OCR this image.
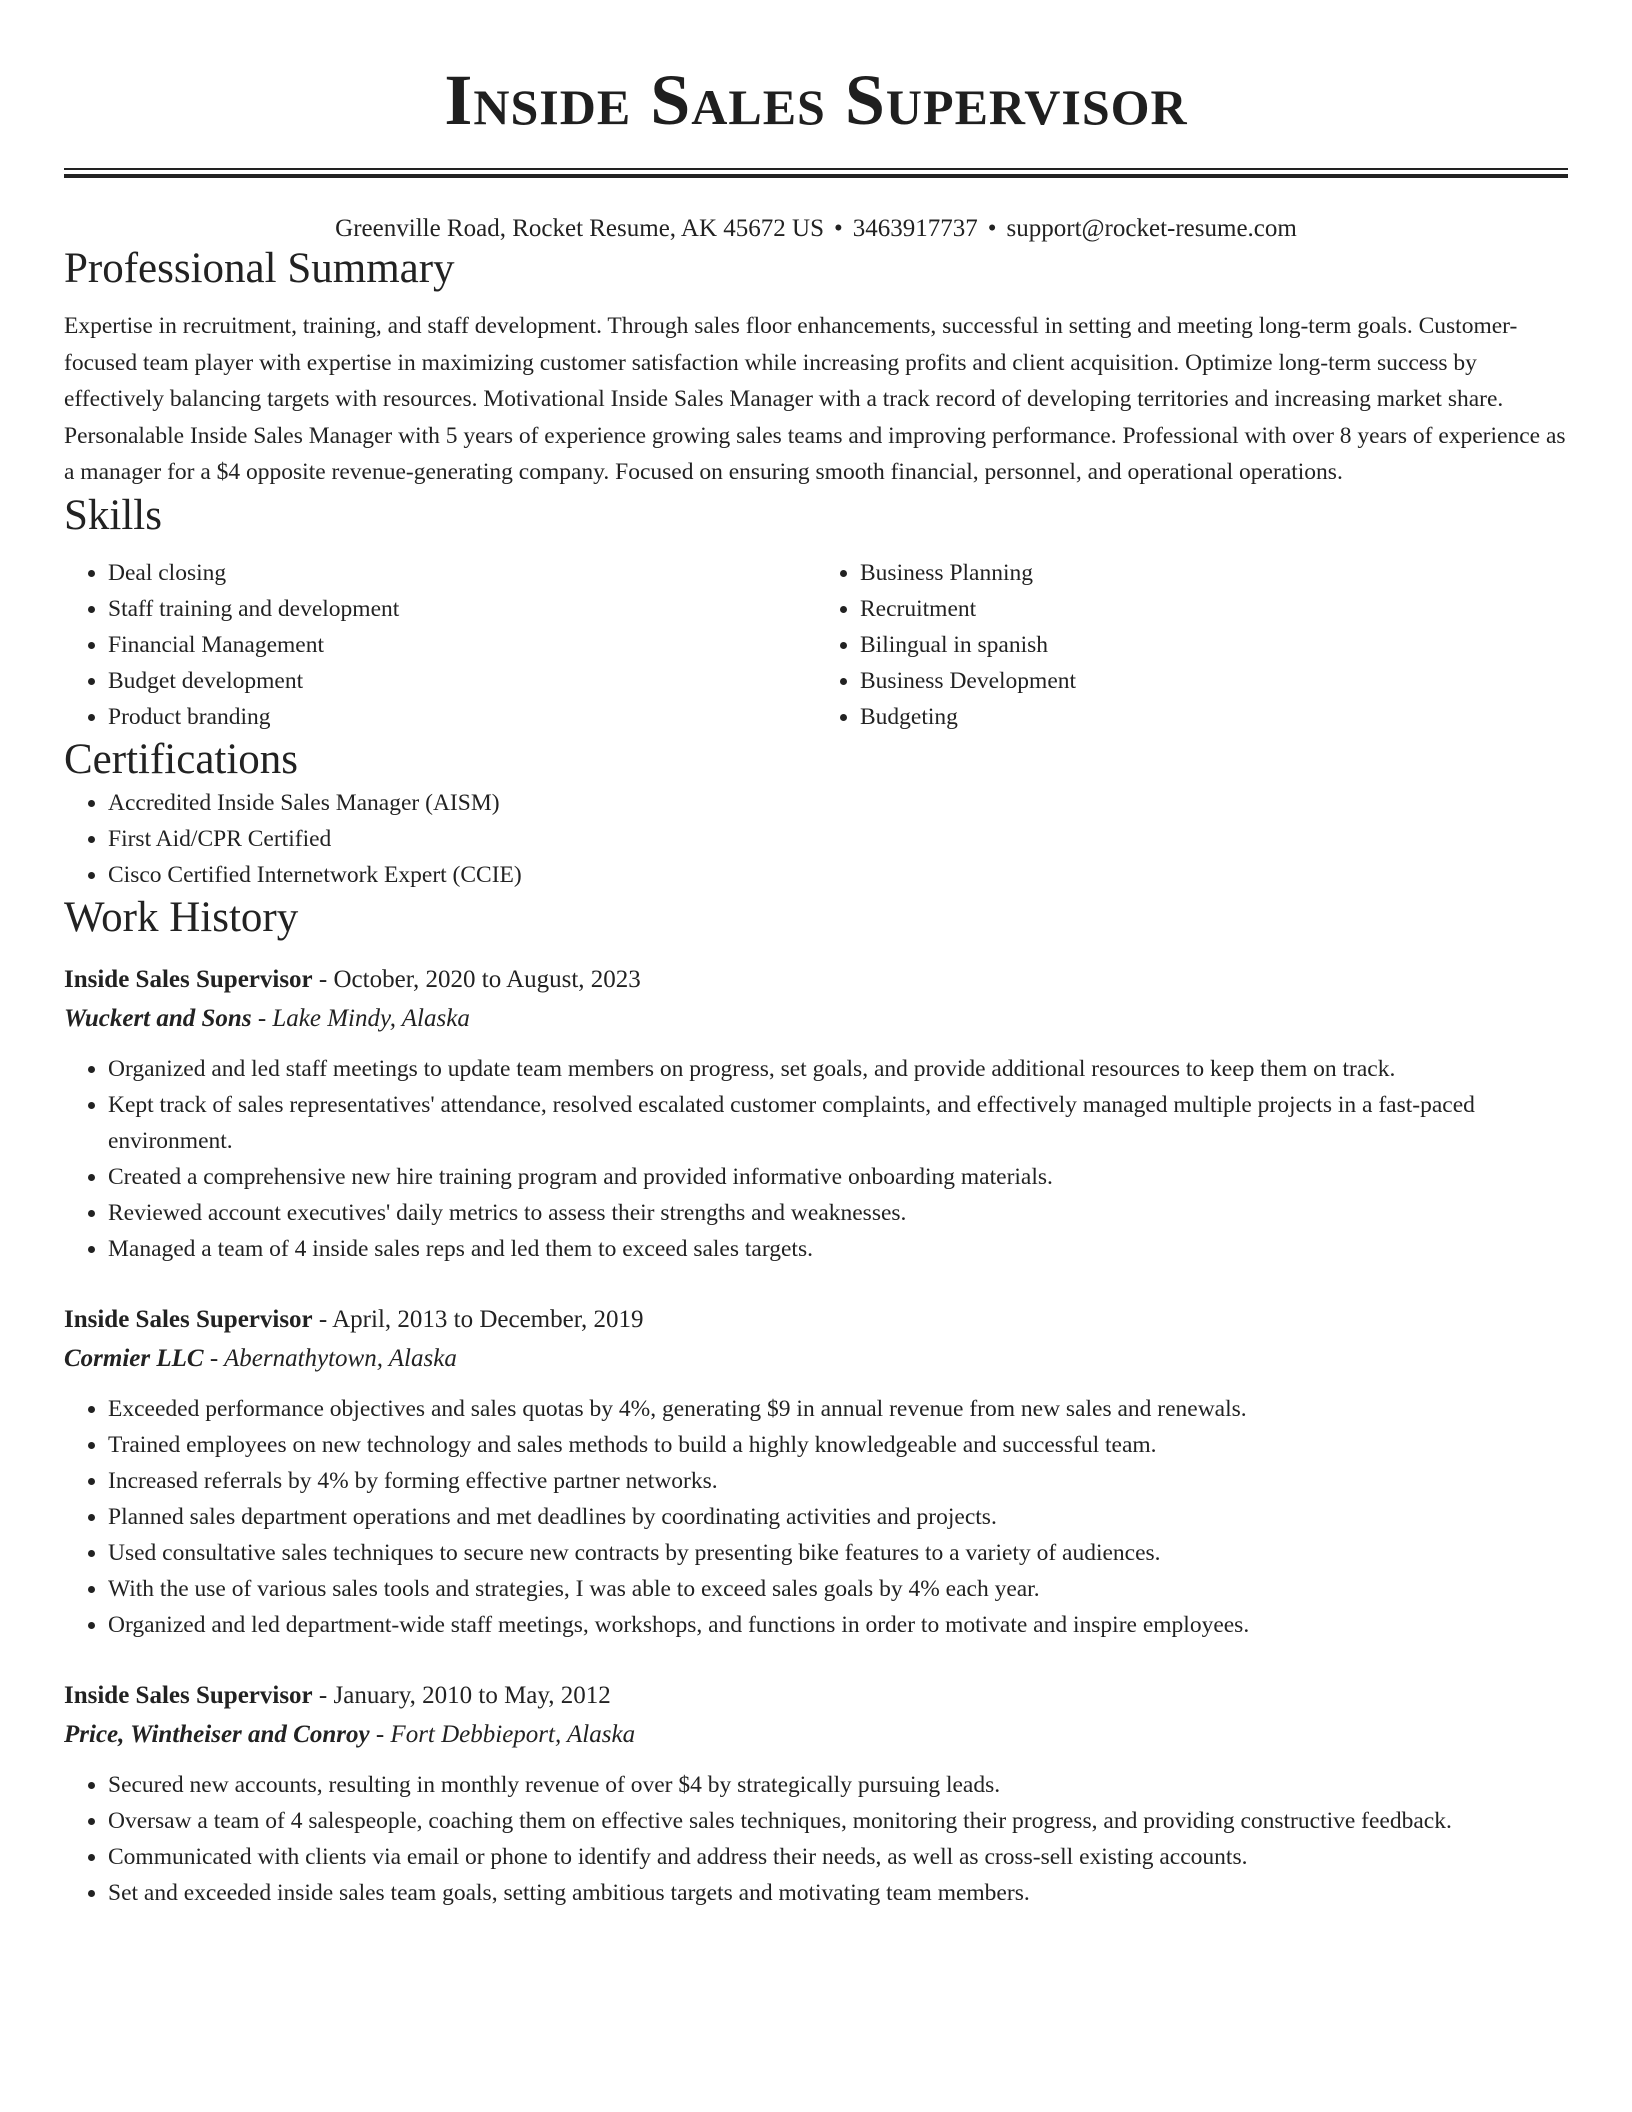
Inside Sales Supervisor
Greenville Road, Rocket Resume, AK 45672 US • 3463917737 • support@rocket-resume.com
Professional Summary

Expertise in recruitment, training, and staff development. Through sales floor enhancements, successful in setting and meeting long-term goals. Customer-focused team player with expertise in maximizing customer satisfaction while increasing profits and client acquisition. Optimize long-term success by effectively balancing targets with resources. Motivational Inside Sales Manager with a track record of developing territories and increasing market share. Personalable Inside Sales Manager with 5 years of experience growing sales teams and improving performance. Professional with over 8 years of experience as a manager for a $4 opposite revenue-generating company. Focused on ensuring smooth financial, personnel, and operational operations.

Skills
• Deal closing
• Staff training and development
• Financial Management
• Budget development
• Product branding
• Business Planning
• Recruitment
• Bilingual in spanish
• Business Development
• Budgeting
Certifications
• Accredited Inside Sales Manager (AISM)
• First Aid/CPR Certified
• Cisco Certified Internetwork Expert (CCIE)
Work History
Inside Sales Supervisor - October, 2020 to August, 2023
Wuckert and Sons - Lake Mindy, Alaska
• Organized and led staff meetings to update team members on progress, set goals, and provide additional resources to keep them on track.
• Kept track of sales representatives' attendance, resolved escalated customer complaints, and effectively managed multiple projects in a fast-paced environment.
• Created a comprehensive new hire training program and provided informative onboarding materials.
• Reviewed account executives' daily metrics to assess their strengths and weaknesses.
• Managed a team of 4 inside sales reps and led them to exceed sales targets.
Inside Sales Supervisor - April, 2013 to December, 2019
Cormier LLC - Abernathytown, Alaska
• Exceeded performance objectives and sales quotas by 4%, generating $9 in annual revenue from new sales and renewals.
• Trained employees on new technology and sales methods to build a highly knowledgeable and successful team.
• Increased referrals by 4% by forming effective partner networks.
• Planned sales department operations and met deadlines by coordinating activities and projects.
• Used consultative sales techniques to secure new contracts by presenting bike features to a variety of audiences.
• With the use of various sales tools and strategies, I was able to exceed sales goals by 4% each year.
• Organized and led department-wide staff meetings, workshops, and functions in order to motivate and inspire employees.
Inside Sales Supervisor - January, 2010 to May, 2012
Price, Wintheiser and Conroy - Fort Debbieport, Alaska
• Secured new accounts, resulting in monthly revenue of over $4 by strategically pursuing leads.
• Oversaw a team of 4 salespeople, coaching them on effective sales techniques, monitoring their progress, and providing constructive feedback.
• Communicated with clients via email or phone to identify and address their needs, as well as cross-sell existing accounts.
• Set and exceeded inside sales team goals, setting ambitious targets and motivating team members.
